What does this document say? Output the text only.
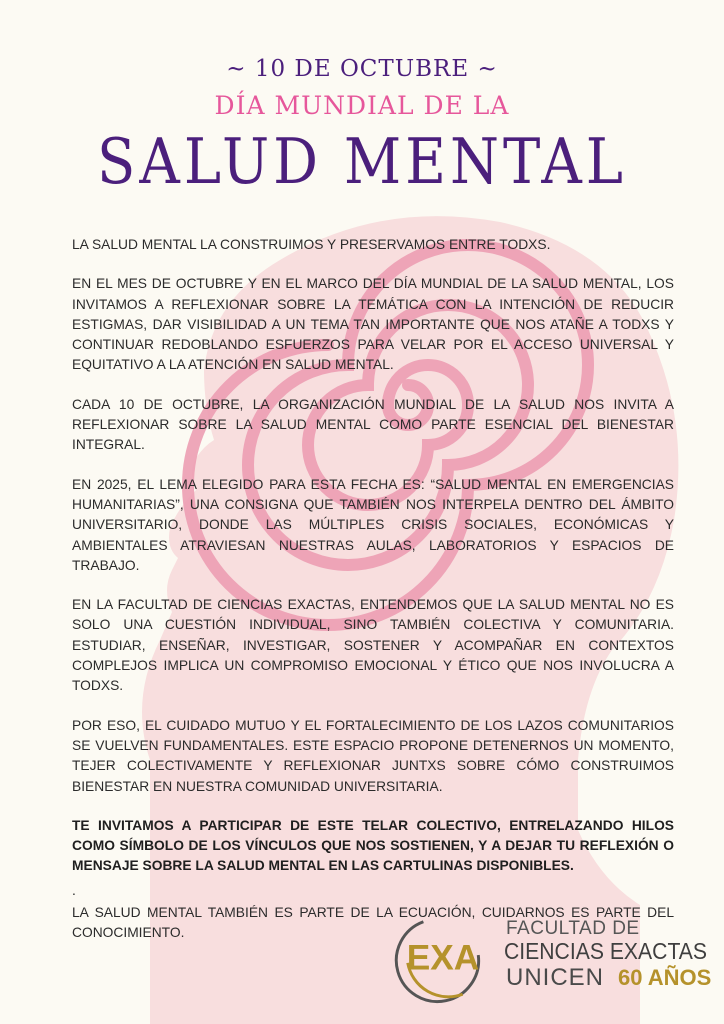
~ 10 DE OCTUBRE ~
DÍA MUNDIAL DE LA
SALUD MENTAL

LA SALUD MENTAL LA CONSTRUIMOS Y PRESERVAMOS ENTRE TODXS.

EN EL MES DE OCTUBRE Y EN EL MARCO DEL DÍA MUNDIAL DE LA SALUD MENTAL, LOS INVITAMOS A REFLEXIONAR SOBRE LA TEMÁTICA CON LA INTENCIÓN DE REDUCIR ESTIGMAS, DAR VISIBILIDAD A UN TEMA TAN IMPORTANTE QUE NOS ATAÑE A TODXS Y CONTINUAR REDOBLANDO ESFUERZOS PARA VELAR POR EL ACCESO UNIVERSAL Y EQUITATIVO A LA ATENCIÓN EN SALUD MENTAL.

CADA 10 DE OCTUBRE, LA ORGANIZACIÓN MUNDIAL DE LA SALUD NOS INVITA A REFLEXIONAR SOBRE LA SALUD MENTAL COMO PARTE ESENCIAL DEL BIENESTAR INTEGRAL.

EN 2025, EL LEMA ELEGIDO PARA ESTA FECHA ES: “SALUD MENTAL EN EMERGENCIAS HUMANITARIAS”, UNA CONSIGNA QUE TAMBIÉN NOS INTERPELA DENTRO DEL ÁMBITO UNIVERSITARIO, DONDE LAS MÚLTIPLES CRISIS SOCIALES, ECONÓMICAS Y AMBIENTALES ATRAVIESAN NUESTRAS AULAS, LABORATORIOS Y ESPACIOS DE TRABAJO.

EN LA FACULTAD DE CIENCIAS EXACTAS, ENTENDEMOS QUE LA SALUD MENTAL NO ES SOLO UNA CUESTIÓN INDIVIDUAL, SINO TAMBIÉN COLECTIVA Y COMUNITARIA. ESTUDIAR, ENSEÑAR, INVESTIGAR, SOSTENER Y ACOMPAÑAR EN CONTEXTOS COMPLEJOS IMPLICA UN COMPROMISO EMOCIONAL Y ÉTICO QUE NOS INVOLUCRA A TODXS.

POR ESO, EL CUIDADO MUTUO Y EL FORTALECIMIENTO DE LOS LAZOS COMUNITARIOS SE VUELVEN FUNDAMENTALES. ESTE ESPACIO PROPONE DETENERNOS UN MOMENTO, TEJER COLECTIVAMENTE Y REFLEXIONAR JUNTXS SOBRE CÓMO CONSTRUIMOS BIENESTAR EN NUESTRA COMUNIDAD UNIVERSITARIA.

TE INVITAMOS A PARTICIPAR DE ESTE TELAR COLECTIVO, ENTRELAZANDO HILOS COMO SÍMBOLO DE LOS VÍNCULOS QUE NOS SOSTIENEN, Y A DEJAR TU REFLEXIÓN O MENSAJE SOBRE LA SALUD MENTAL EN LAS CARTULINAS DISPONIBLES.

.

LA SALUD MENTAL TAMBIÉN ES PARTE DE LA ECUACIÓN, CUIDARNOS ES PARTE DEL CONOCIMIENTO.

EXA
FACULTAD DE
CIENCIAS EXACTAS
UNICEN 60 AÑOS
